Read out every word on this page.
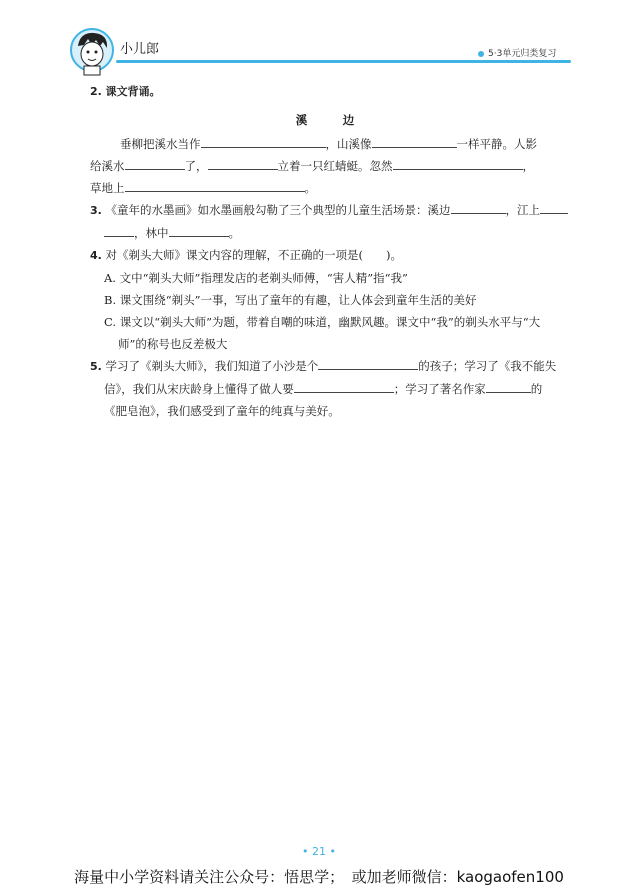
小儿郎	5·3单元归类复习
2. 课文背诵。
溪　边
垂柳把溪水当作	，山溪像	一样平静。人影
给溪水	了，	立着一只红蜻蜓。忽然	，
草地上	。
3. 《童年的水墨画》如水墨画般勾勒了三个典型的儿童生活场景：溪边	，江上
，林中	。
4. 对《剃头大师》课文内容的理解，不正确的一项是(　　)。
A. 文中“剃头大师”指理发店的老剃头师傅，“害人精”指“我”
B. 课文围绕“剃头”一事，写出了童年的有趣，让人体会到童年生活的美好
C. 课文以“剃头大师”为题，带着自嘲的味道，幽默风趣。课文中“我”的剃头水平与“大
师”的称号也反差极大
5. 学习了《剃头大师》，我们知道了小沙是个	的孩子；学习了《我不能失
信》，我们从宋庆龄身上懂得了做人要	；学习了著名作家	的
《肥皂泡》，我们感受到了童年的纯真与美好。
• 21 •
海量中小学资料请关注公众号：悟思学；　或加老师微信：kaogaofen100
